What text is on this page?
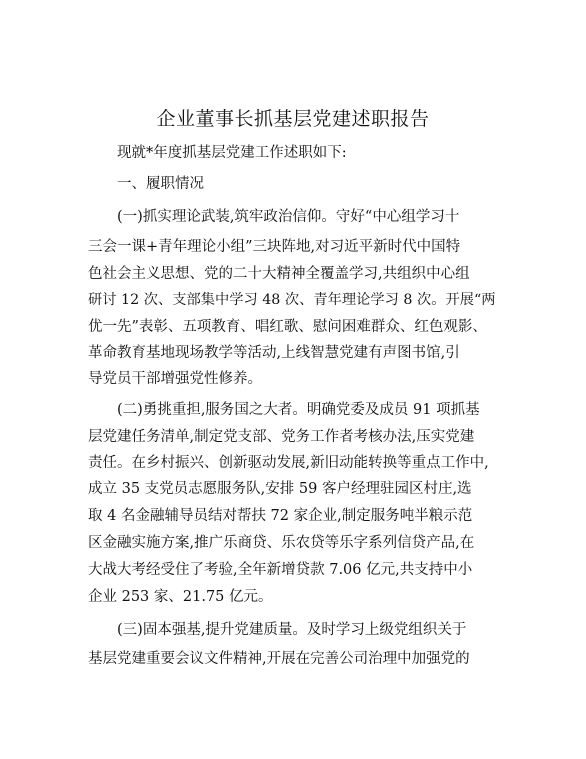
企业董事长抓基层党建述职报告
现就*年度抓基层党建工作述职如下:
一、履职情况
(一)抓实理论武装,筑牢政治信仰。守好“中心组学习十
三会一课+青年理论小组”三块阵地,对习近平新时代中国特
色社会主义思想、党的二十大精神全覆盖学习,共组织中心组
研讨 12 次、支部集中学习 48 次、青年理论学习 8 次。开展“两
优一先”表彰、五项教育、唱红歌、慰问困难群众、红色观影、
革命教育基地现场教学等活动,上线智慧党建有声图书馆,引
导党员干部增强党性修养。
(二)勇挑重担,服务国之大者。明确党委及成员 91 项抓基
层党建任务清单,制定党支部、党务工作者考核办法,压实党建
责任。在乡村振兴、创新驱动发展,新旧动能转换等重点工作中,
成立 35 支党员志愿服务队,安排 59 客户经理驻园区村庄,选
取 4 名金融辅导员结对帮扶 72 家企业,制定服务吨半粮示范
区金融实施方案,推广乐商贷、乐农贷等乐字系列信贷产品,在
大战大考经受住了考验,全年新增贷款 7.06 亿元,共支持中小
企业 253 家、21.75 亿元。
(三)固本强基,提升党建质量。及时学习上级党组织关于
基层党建重要会议文件精神,开展在完善公司治理中加强党的
